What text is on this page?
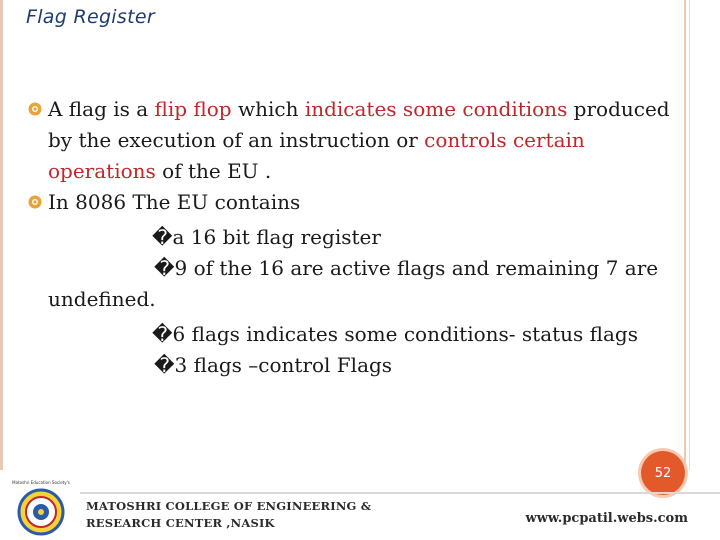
Flag Register

A flag is a flip flop which indicates some conditions produced
by the execution of an instruction or controls certain
operations of the EU .

In 8086 The EU contains

�a 16 bit flag register

�9 of the 16 are active flags and remaining 7 are

undefined.

�6 flags indicates some conditions- status flags

�3 flags –control Flags

52
Matoshri Education Society's
MATOSHRI COLLEGE OF ENGINEERING &
RESEARCH CENTER ,NASIK	www.pcpatil.webs.com
